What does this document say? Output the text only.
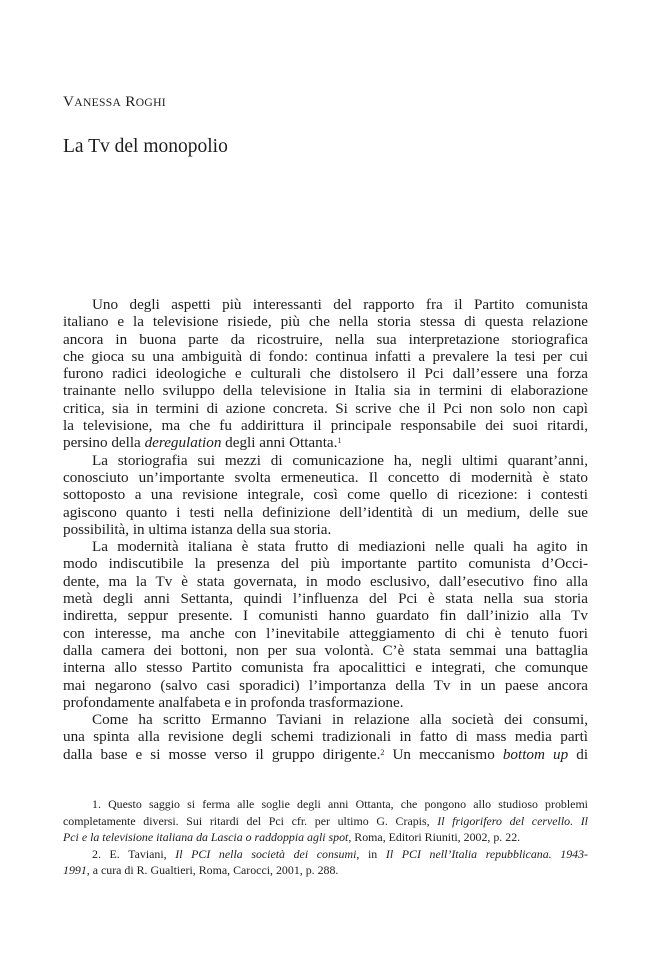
VANESSA ROGHI
La Tv del monopolio
Uno degli aspetti più interessanti del rapporto fra il Partito comunista
italiano e la televisione risiede, più che nella storia stessa di questa relazione
ancora in buona parte da ricostruire, nella sua interpretazione storiografica
che gioca su una ambiguità di fondo: continua infatti a prevalere la tesi per cui
furono radici ideologiche e culturali che distolsero il Pci dall’essere una forza
trainante nello sviluppo della televisione in Italia sia in termini di elaborazione
critica, sia in termini di azione concreta. Si scrive che il Pci non solo non capì
la televisione, ma che fu addirittura il principale responsabile dei suoi ritardi,
persino della deregulation degli anni Ottanta.$^1$
La storiografia sui mezzi di comunicazione ha, negli ultimi quarant’anni,
conosciuto un’importante svolta ermeneutica. Il concetto di modernità è stato
sottoposto a una revisione integrale, così come quello di ricezione: i contesti
agiscono quanto i testi nella definizione dell’identità di un medium, delle sue
possibilità, in ultima istanza della sua storia.
La modernità italiana è stata frutto di mediazioni nelle quali ha agito in
modo indiscutibile la presenza del più importante partito comunista d’Occi-
dente, ma la Tv è stata governata, in modo esclusivo, dall’esecutivo fino alla
metà degli anni Settanta, quindi l’influenza del Pci è stata nella sua storia
indiretta, seppur presente. I comunisti hanno guardato fin dall’inizio alla Tv
con interesse, ma anche con l’inevitabile atteggiamento di chi è tenuto fuori
dalla camera dei bottoni, non per sua volontà. C’è stata semmai una battaglia
interna allo stesso Partito comunista fra apocalittici e integrati, che comunque
mai negarono (salvo casi sporadici) l’importanza della Tv in un paese ancora
profondamente analfabeta e in profonda trasformazione.
Come ha scritto Ermanno Taviani in relazione alla società dei consumi,
una spinta alla revisione degli schemi tradizionali in fatto di mass media partì
dalla base e si mosse verso il gruppo dirigente.$^2$ Un meccanismo bottom up di
1. Questo saggio si ferma alle soglie degli anni Ottanta, che pongono allo studioso problemi
completamente diversi. Sui ritardi del Pci cfr. per ultimo G. Crapis, Il frigorifero del cervello. Il
Pci e la televisione italiana da Lascia o raddoppia agli spot, Roma, Editori Riuniti, 2002, p. 22.
2. E. Taviani, Il PCI nella società dei consumi, in Il PCI nell’Italia repubblicana. 1943-
1991, a cura di R. Gualtieri, Roma, Carocci, 2001, p. 288.
